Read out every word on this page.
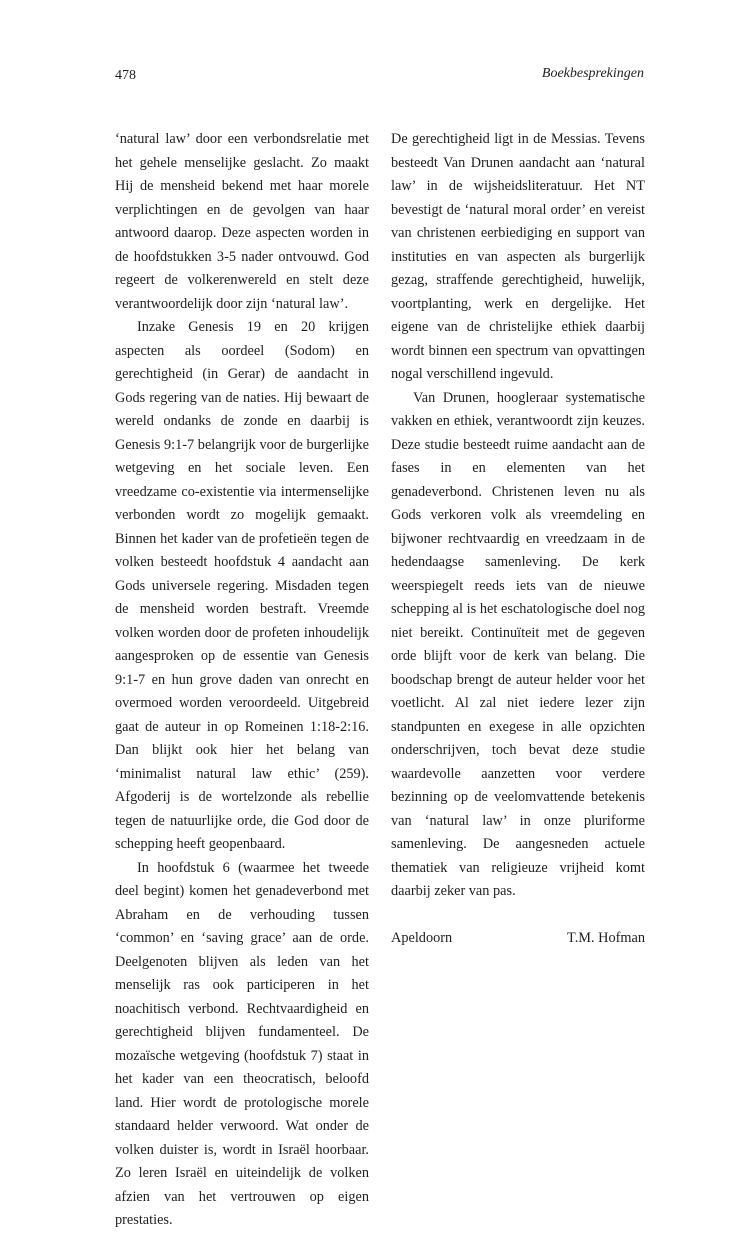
478	Boekbesprekingen

‘natural law’ door een verbondsrelatie met het gehele menselijke geslacht. Zo maakt Hij de mensheid bekend met haar morele verplichtingen en de gevolgen van haar antwoord daarop. Deze aspecten worden in de hoofdstukken 3-5 nader ontvouwd. God regeert de volkerenwereld en stelt deze verantwoordelijk door zijn ‘natural law’.

Inzake Genesis 19 en 20 krijgen aspecten als oordeel (Sodom) en gerechtigheid (in Gerar) de aandacht in Gods regering van de naties. Hij bewaart de wereld ondanks de zonde en daarbij is Genesis 9:1-7 belangrijk voor de burgerlijke wetgeving en het sociale leven. Een vreedzame co-existentie via intermenselijke verbonden wordt zo mogelijk gemaakt. Binnen het kader van de profetieën tegen de volken besteedt hoofdstuk 4 aandacht aan Gods universele regering. Misdaden tegen de mensheid worden bestraft. Vreemde volken worden door de profeten inhoudelijk aangesproken op de essentie van Genesis 9:1-7 en hun grove daden van onrecht en overmoed worden veroordeeld. Uitgebreid gaat de auteur in op Romeinen 1:18-2:16. Dan blijkt ook hier het belang van ‘minimalist natural law ethic’ (259). Afgoderij is de wortelzonde als rebellie tegen de natuurlijke orde, die God door de schepping heeft geopenbaard.

In hoofdstuk 6 (waarmee het tweede deel begint) komen het genadeverbond met Abraham en de verhouding tussen ‘common’ en ‘saving grace’ aan de orde. Deelgenoten blijven als leden van het menselijk ras ook participeren in het noachitisch verbond. Rechtvaardigheid en gerechtigheid blijven fundamenteel. De mozaïsche wetgeving (hoofdstuk 7) staat in het kader van een theocratisch, beloofd land. Hier wordt de protologische morele standaard helder verwoord. Wat onder de volken duister is, wordt in Israël hoorbaar. Zo leren Israël en uiteindelijk de volken afzien van het vertrouwen op eigen prestaties.

De gerechtigheid ligt in de Messias. Tevens besteedt Van Drunen aandacht aan ‘natural law’ in de wijsheidsliteratuur. Het NT bevestigt de ‘natural moral order’ en vereist van christenen eerbiediging en support van instituties en van aspecten als burgerlijk gezag, straffende gerechtigheid, huwelijk, voortplanting, werk en dergelijke. Het eigene van de christelijke ethiek daarbij wordt binnen een spectrum van opvattingen nogal verschillend ingevuld.

Van Drunen, hoogleraar systematische vakken en ethiek, verantwoordt zijn keuzes. Deze studie besteedt ruime aandacht aan de fases in en elementen van het genadeverbond. Christenen leven nu als Gods verkoren volk als vreemdeling en bijwoner rechtvaardig en vreedzaam in de hedendaagse samenleving. De kerk weerspiegelt reeds iets van de nieuwe schepping al is het eschatologische doel nog niet bereikt. Continuïteit met de gegeven orde blijft voor de kerk van belang. Die boodschap brengt de auteur helder voor het voetlicht. Al zal niet iedere lezer zijn standpunten en exegese in alle opzichten onderschrijven, toch bevat deze studie waardevolle aanzetten voor verdere bezinning op de veelomvattende betekenis van ‘natural law’ in onze pluriforme samenleving. De aangesneden actuele thematiek van religieuze vrijheid komt daarbij zeker van pas.

Apeldoorn	T.M. Hofman
